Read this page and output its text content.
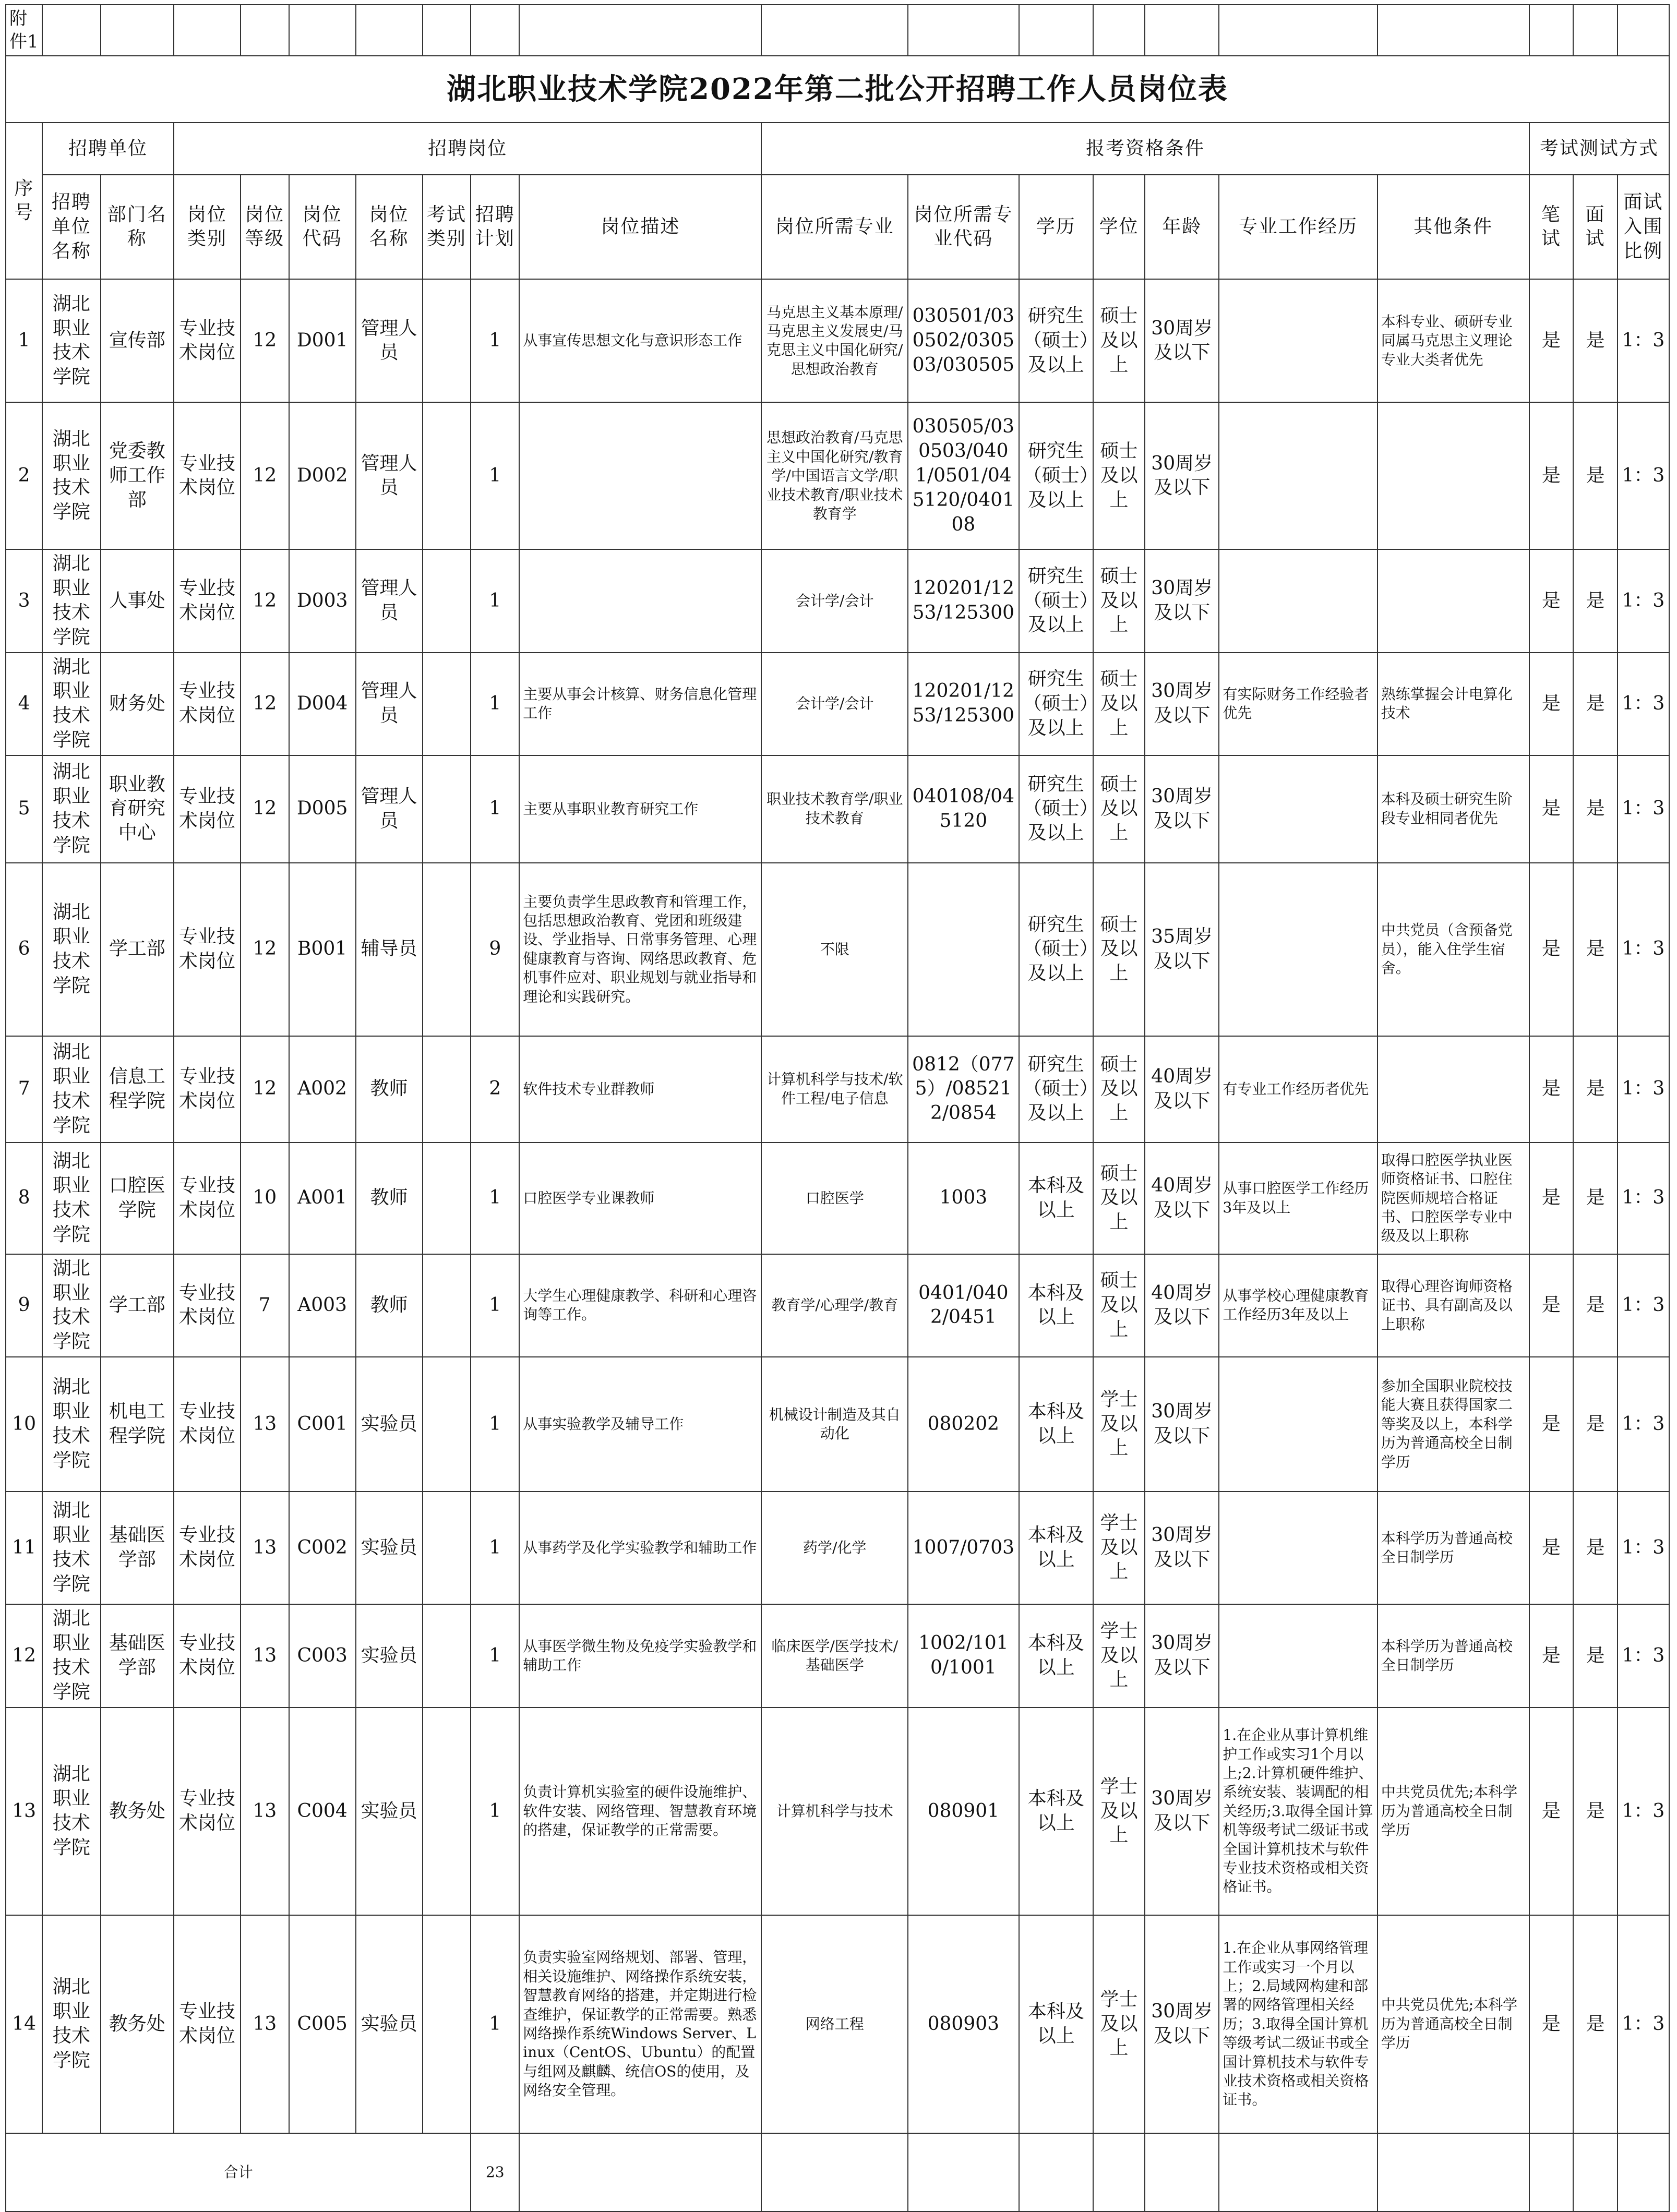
附件1																			
湖北职业技术学院2022年第二批公开招聘工作人员岗位表																			
序号	招聘单位		招聘岗位							报考资格条件							考试测试方式		
	招聘单位名称	部门名称	岗位类别	岗位等级	岗位代码	岗位名称	考试类别	招聘计划	岗位描述	岗位所需专业	岗位所需专业代码	学历	学位	年龄	专业工作经历	其他条件	笔试	面试	面试入围比例
1	湖北职业技术学院	宣传部	专业技术岗位	12	D001	管理人员		1	从事宣传思想文化与意识形态工作	马克思主义基本原理/马克思主义发展史/马克思主义中国化研究/思想政治教育	030501/030502/030503/030505	研究生（硕士）及以上	硕士及以上	30周岁及以下		本科专业、硕研专业同属马克思主义理论专业大类者优先	是	是	1：3
2	湖北职业技术学院	党委教师工作部	专业技术岗位	12	D002	管理人员		1		思想政治教育/马克思主义中国化研究/教育学/中国语言文学/职业技术教育/职业技术教育学	030505/030503/0401/0501/045120/040108	研究生（硕士）及以上	硕士及以上	30周岁及以下			是	是	1：3
3	湖北职业技术学院	人事处	专业技术岗位	12	D003	管理人员		1		会计学/会计	120201/1253/125300	研究生（硕士）及以上	硕士及以上	30周岁及以下			是	是	1：3
4	湖北职业技术学院	财务处	专业技术岗位	12	D004	管理人员		1	主要从事会计核算、财务信息化管理工作	会计学/会计	120201/1253/125300	研究生（硕士）及以上	硕士及以上	30周岁及以下	有实际财务工作经验者优先	熟练掌握会计电算化技术	是	是	1：3
5	湖北职业技术学院	职业教育研究中心	专业技术岗位	12	D005	管理人员		1	主要从事职业教育研究工作	职业技术教育学/职业技术教育	040108/045120	研究生（硕士）及以上	硕士及以上	30周岁及以下		本科及硕士研究生阶段专业相同者优先	是	是	1：3
6	湖北职业技术学院	学工部	专业技术岗位	12	B001	辅导员		9	主要负责学生思政教育和管理工作，包括思想政治教育、党团和班级建设、学业指导、日常事务管理、心理健康教育与咨询、网络思政教育、危机事件应对、职业规划与就业指导和理论和实践研究。	不限		研究生（硕士）及以上	硕士及以上	35周岁及以下		中共党员（含预备党员），能入住学生宿舍。	是	是	1：3
7	湖北职业技术学院	信息工程学院	专业技术岗位	12	A002	教师		2	软件技术专业群教师	计算机科学与技术/软件工程/电子信息	0812（0775）/085212/0854	研究生（硕士）及以上	硕士及以上	40周岁及以下	有专业工作经历者优先		是	是	1：3
8	湖北职业技术学院	口腔医学院	专业技术岗位	10	A001	教师		1	口腔医学专业课教师	口腔医学	1003	本科及以上	硕士及以上	40周岁及以下	从事口腔医学工作经历3年及以上	取得口腔医学执业医师资格证书、口腔住院医师规培合格证书、口腔医学专业中级及以上职称	是	是	1：3
9	湖北职业技术学院	学工部	专业技术岗位	7	A003	教师		1	大学生心理健康教学、科研和心理咨询等工作。	教育学/心理学/教育	0401/0402/0451	本科及以上	硕士及以上	40周岁及以下	从事学校心理健康教育工作经历3年及以上	取得心理咨询师资格证书、具有副高及以上职称	是	是	1：3
10	湖北职业技术学院	机电工程学院	专业技术岗位	13	C001	实验员		1	从事实验教学及辅导工作	机械设计制造及其自动化	080202	本科及以上	学士及以上	30周岁及以下		参加全国职业院校技能大赛且获得国家二等奖及以上，本科学历为普通高校全日制学历	是	是	1：3
11	湖北职业技术学院	基础医学部	专业技术岗位	13	C002	实验员		1	从事药学及化学实验教学和辅助工作	药学/化学	1007/0703	本科及以上	学士及以上	30周岁及以下		本科学历为普通高校全日制学历	是	是	1：3
12	湖北职业技术学院	基础医学部	专业技术岗位	13	C003	实验员		1	从事医学微生物及免疫学实验教学和辅助工作	临床医学/医学技术/基础医学	1002/1010/1001	本科及以上	学士及以上	30周岁及以下		本科学历为普通高校全日制学历	是	是	1：3
13	湖北职业技术学院	教务处	专业技术岗位	13	C004	实验员		1	负责计算机实验室的硬件设施维护、软件安装、网络管理、智慧教育环境的搭建，保证教学的正常需要。	计算机科学与技术	080901	本科及以上	学士及以上	30周岁及以下	1.在企业从事计算机维护工作或实习1个月以上;2.计算机硬件维护、系统安装、装调配的相关经历;3.取得全国计算机等级考试二级证书或全国计算机技术与软件专业技术资格或相关资格证书。	中共党员优先;本科学历为普通高校全日制学历	是	是	1：3
14	湖北职业技术学院	教务处	专业技术岗位	13	C005	实验员		1	负责实验室网络规划、部署、管理，相关设施维护、网络操作系统安装，智慧教育网络的搭建，并定期进行检查维护，保证教学的正常需要。熟悉网络操作系统Windows Server、Linux（CentOS、Ubuntu）的配置与组网及麒麟、统信OS的使用，及网络安全管理。	网络工程	080903	本科及以上	学士及以上	30周岁及以下	1.在企业从事网络管理工作或实习一个月以上；2.局域网构建和部署的网络管理相关经历；3.取得全国计算机等级考试二级证书或全国计算机技术与软件专业技术资格或相关资格证书。	中共党员优先;本科学历为普通高校全日制学历	是	是	1：3
合计								23											
